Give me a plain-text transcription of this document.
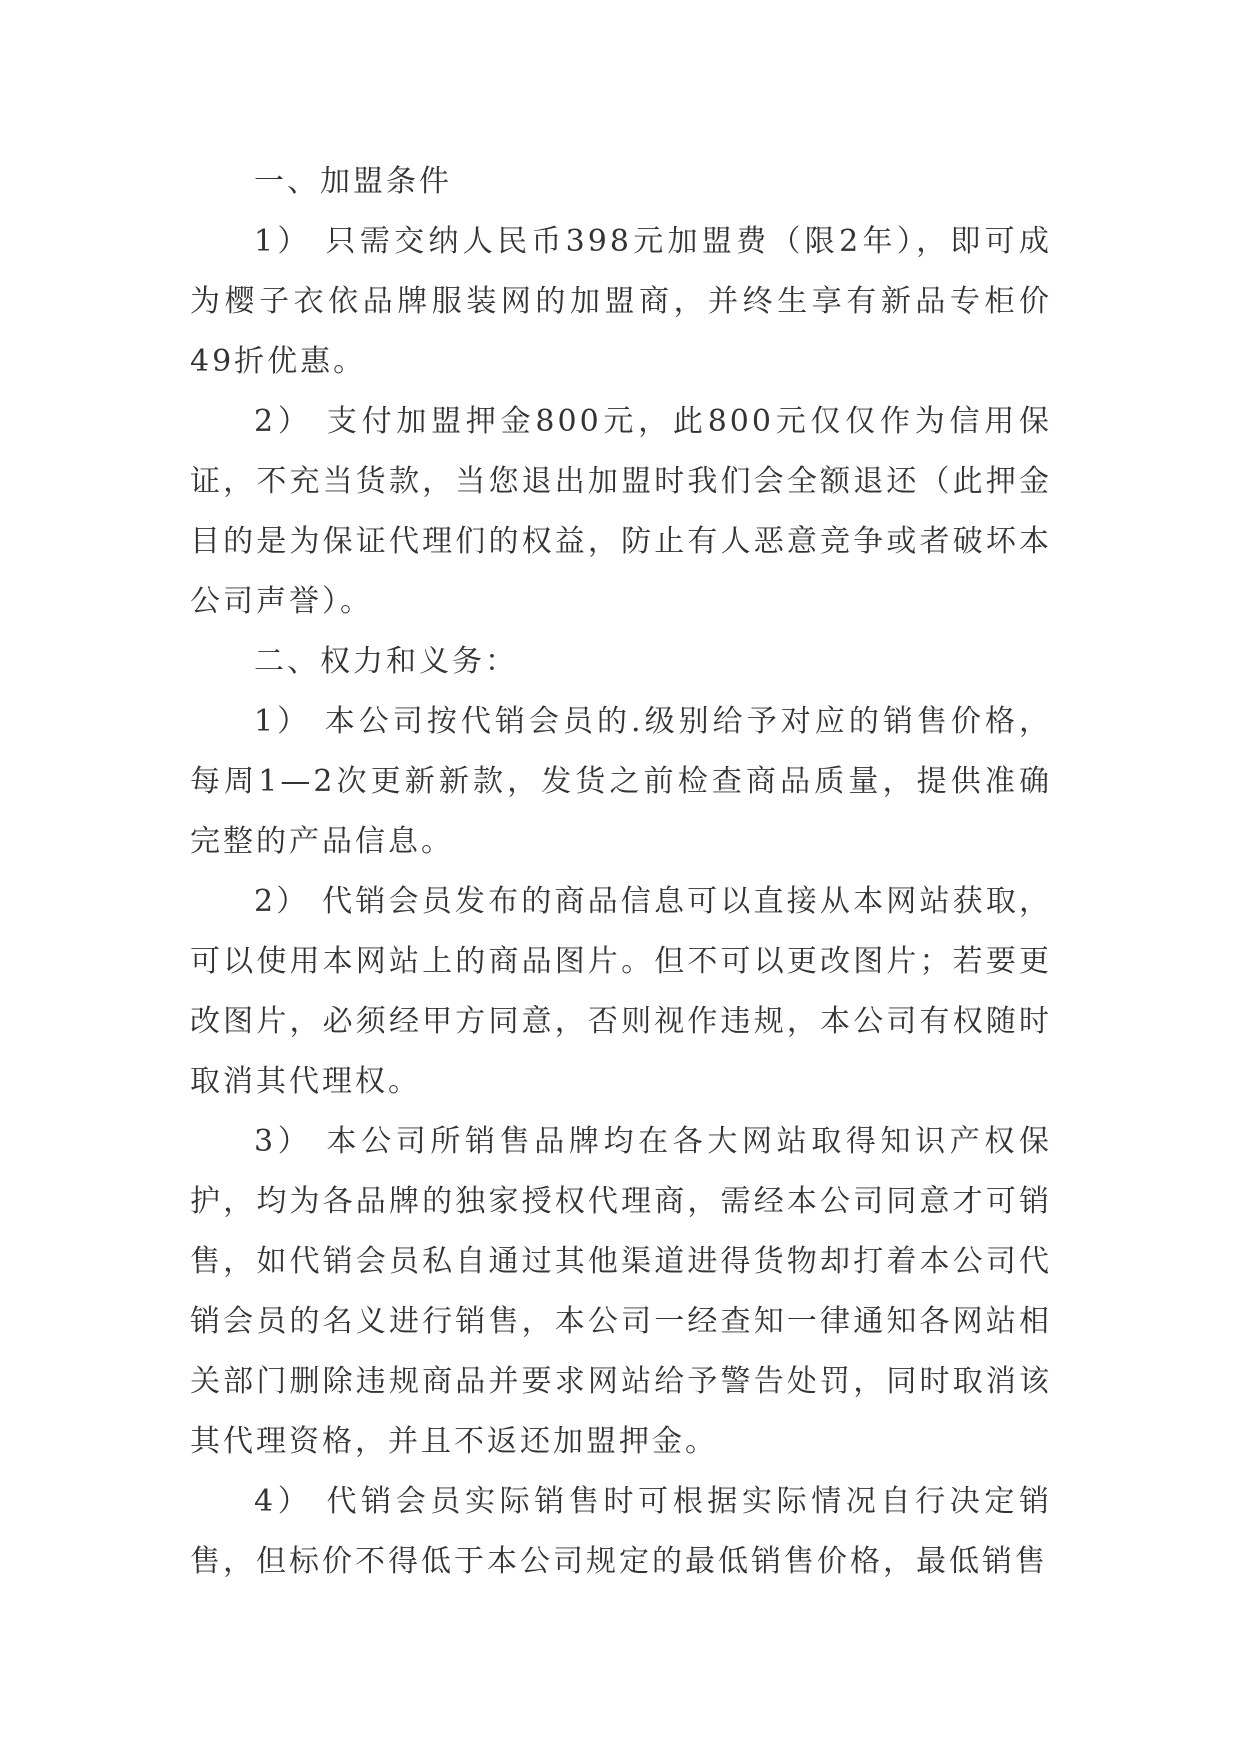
一、加盟条件

1） 只需交纳人民币398元加盟费（限2年），即可成为樱子衣依品牌服装网的加盟商，并终生享有新品专柜价49折优惠。

2） 支付加盟押金800元，此800元仅仅作为信用保证，不充当货款，当您退出加盟时我们会全额退还（此押金目的是为保证代理们的权益，防止有人恶意竞争或者破坏本公司声誉）。

二、权力和义务：

1） 本公司按代销会员的.级别给予对应的销售价格，每周1—2次更新新款，发货之前检查商品质量，提供准确完整的产品信息。

2） 代销会员发布的商品信息可以直接从本网站获取，可以使用本网站上的商品图片。但不可以更改图片；若要更改图片，必须经甲方同意，否则视作违规，本公司有权随时取消其代理权。

3） 本公司所销售品牌均在各大网站取得知识产权保护，均为各品牌的独家授权代理商，需经本公司同意才可销售，如代销会员私自通过其他渠道进得货物却打着本公司代销会员的名义进行销售，本公司一经查知一律通知各网站相关部门删除违规商品并要求网站给予警告处罚，同时取消该其代理资格，并且不返还加盟押金。

4） 代销会员实际销售时可根据实际情况自行决定销售，但标价不得低于本公司规定的最低销售价格，最低销售
